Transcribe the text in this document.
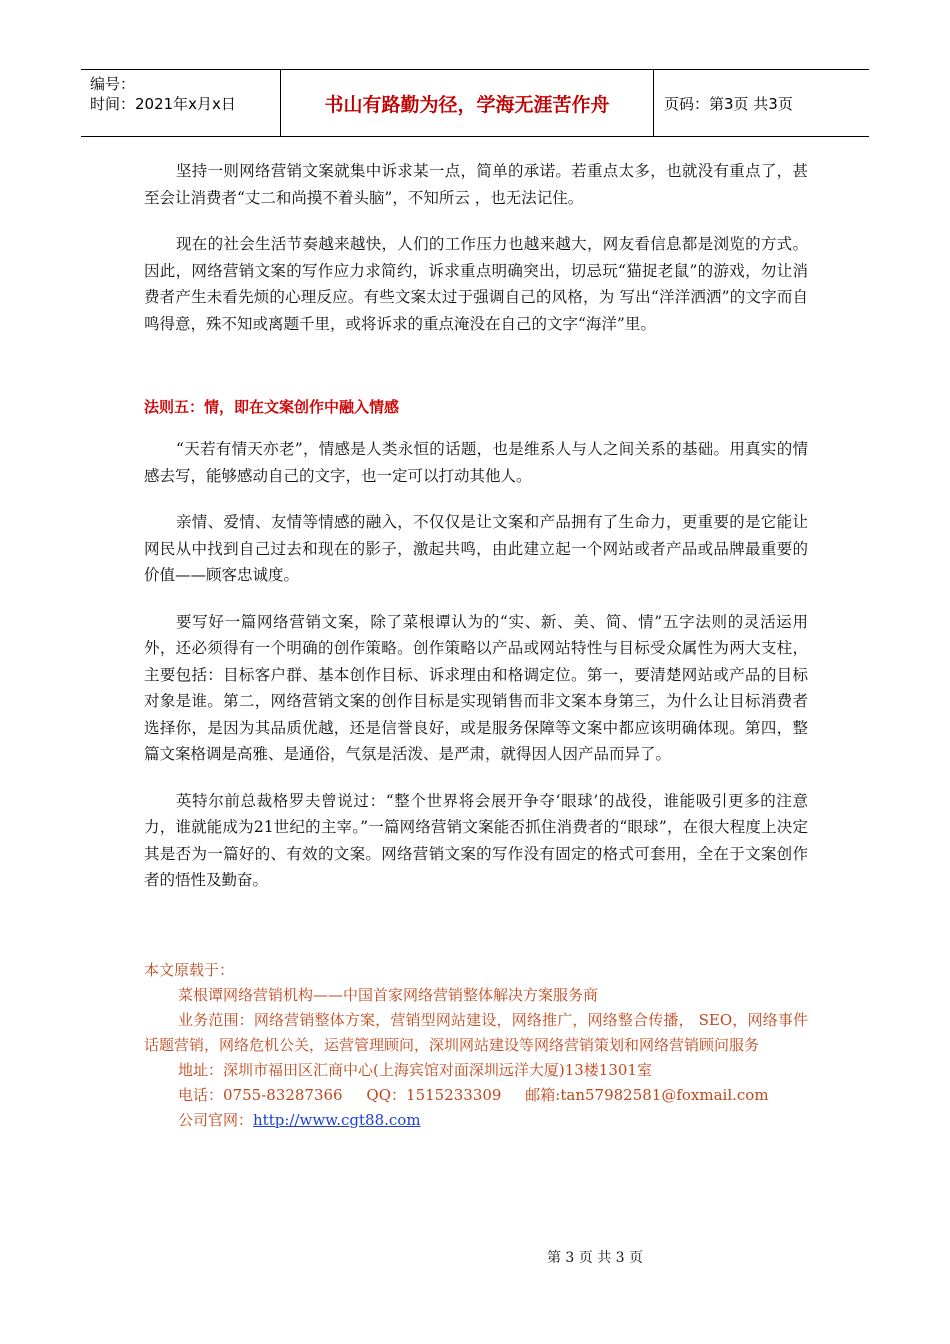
编号：
时间：2021年x月x日	书山有路勤为径，学海无涯苦作舟	页码：第3页 共3页

坚持一则网络营销文案就集中诉求某一点，简单的承诺。若重点太多，也就没有重点了，甚至会让消费者“丈二和尚摸不着头脑”，不知所云 ，也无法记住。

现在的社会生活节奏越来越快，人们的工作压力也越来越大，网友看信息都是浏览的方式。因此，网络营销文案的写作应力求简约，诉求重点明确突出，切忌玩“猫捉老鼠”的游戏，勿让消费者产生未看先烦的心理反应。有些文案太过于强调自己的风格，为 写出“洋洋洒洒”的文字而自鸣得意，殊不知或离题千里，或将诉求的重点淹没在自己的文字“海洋”里。

法则五：情，即在文案创作中融入情感

“天若有情天亦老”，情感是人类永恒的话题，也是维系人与人之间关系的基础。用真实的情感去写，能够感动自己的文字，也一定可以打动其他人。

亲情、爱情、友情等情感的融入，不仅仅是让文案和产品拥有了生命力，更重要的是它能让网民从中找到自己过去和现在的影子，激起共鸣，由此建立起一个网站或者产品或品牌最重要的价值——顾客忠诚度。

要写好一篇网络营销文案，除了菜根谭认为的“实、新、美、简、情”五字法则的灵活运用外，还必须得有一个明确的创作策略。创作策略以产品或网站特性与目标受众属性为两大支柱，主要包括：目标客户群、基本创作目标、诉求理由和格调定位。第一，要清楚网站或产品的目标对象是谁。第二，网络营销文案的创作目标是实现销售而非文案本身第三，为什么让目标消费者选择你，是因为其品质优越，还是信誉良好，或是服务保障等文案中都应该明确体现。第四，整篇文案格调是高雅、是通俗，气氛是活泼、是严肃，就得因人因产品而异了。

英特尔前总裁格罗夫曾说过：“整个世界将会展开争夺‘眼球’的战役，谁能吸引更多的注意力，谁就能成为21世纪的主宰。”一篇网络营销文案能否抓住消费者的“眼球”，在很大程度上决定其是否为一篇好的、有效的文案。网络营销文案的写作没有固定的格式可套用，全在于文案创作者的悟性及勤奋。

本文原载于：
菜根谭网络营销机构——中国首家网络营销整体解决方案服务商
业务范围：网络营销整体方案，营销型网站建设，网络推广，网络整合传播， SEO，网络事件话题营销，网络危机公关，运营管理顾问，深圳网站建设等网络营销策划和网络营销顾问服务
地址：深圳市福田区汇商中心(上海宾馆对面深圳远洋大厦)13楼1301室
电话：0755-83287366     QQ：1515233309     邮箱:tan57982581@foxmail.com
公司官网：http://www.cgt88.com
第 3 页 共 3 页
